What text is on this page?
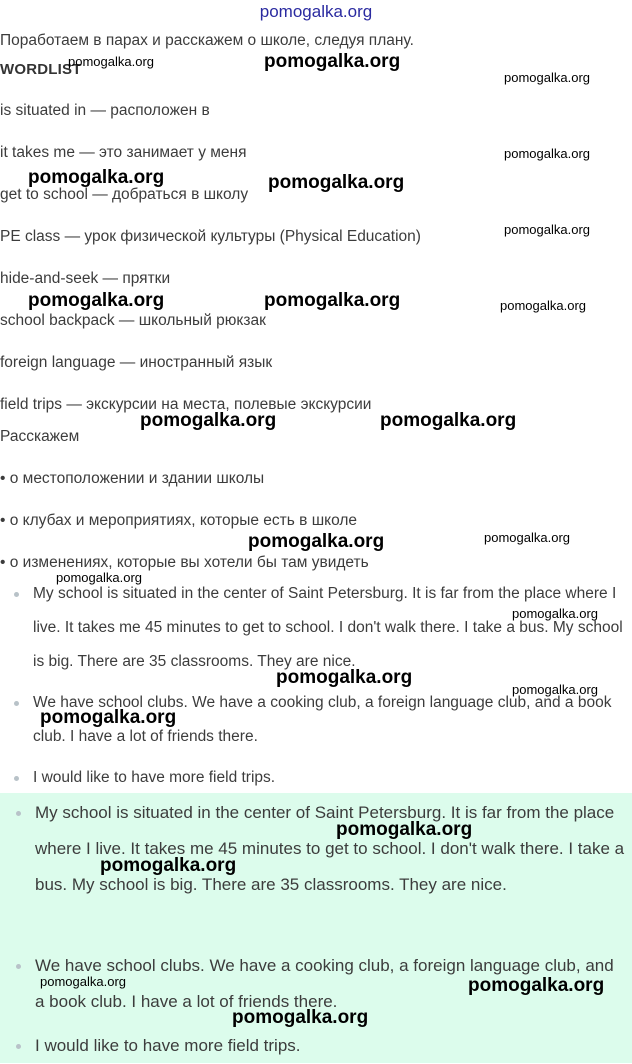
pomogalka.org
Поработаем в парах и расскажем о школе, следуя плану.
WORDLIST
is situated in — расположен в
it takes me — это занимает у меня
get to school — добраться в школу
PE class — урок физической культуры (Physical Education)
hide-and-seek — прятки
school backpack — школьный рюкзак
foreign language — иностранный язык
field trips — экскурсии на места, полевые экскурсии
Расскажем
• о местоположении и здании школы
• о клубах и мероприятиях, которые есть в школе
• о изменениях, которые вы хотели бы там увидеть
My school is situated in the center of Saint Petersburg. It is far from the place where I live. It takes me 45 minutes to get to school. I don't walk there. I take a bus. My school is big. There are 35 classrooms. They are nice.
We have school clubs. We have a cooking club, a foreign language club, and a book club. I have a lot of friends there.
I would like to have more field trips.
My school is situated in the center of Saint Petersburg. It is far from the place where I live. It takes me 45 minutes to get to school. I don't walk there. I take a bus. My school is big. There are 35 classrooms. They are nice.
We have school clubs. We have a cooking club, a foreign language club, and a book club. I have a lot of friends there.
I would like to have more field trips.
pomogalka.org	pomogalka.org
pomogalka.org
pomogalka.org
pomogalka.org	pomogalka.org
pomogalka.org
pomogalka.org	pomogalka.org	pomogalka.org
pomogalka.org	pomogalka.org
pomogalka.org	pomogalka.org
pomogalka.org
pomogalka.org
pomogalka.org
pomogalka.org
pomogalka.org
pomogalka.org
pomogalka.org
pomogalka.org	pomogalka.org
pomogalka.org
